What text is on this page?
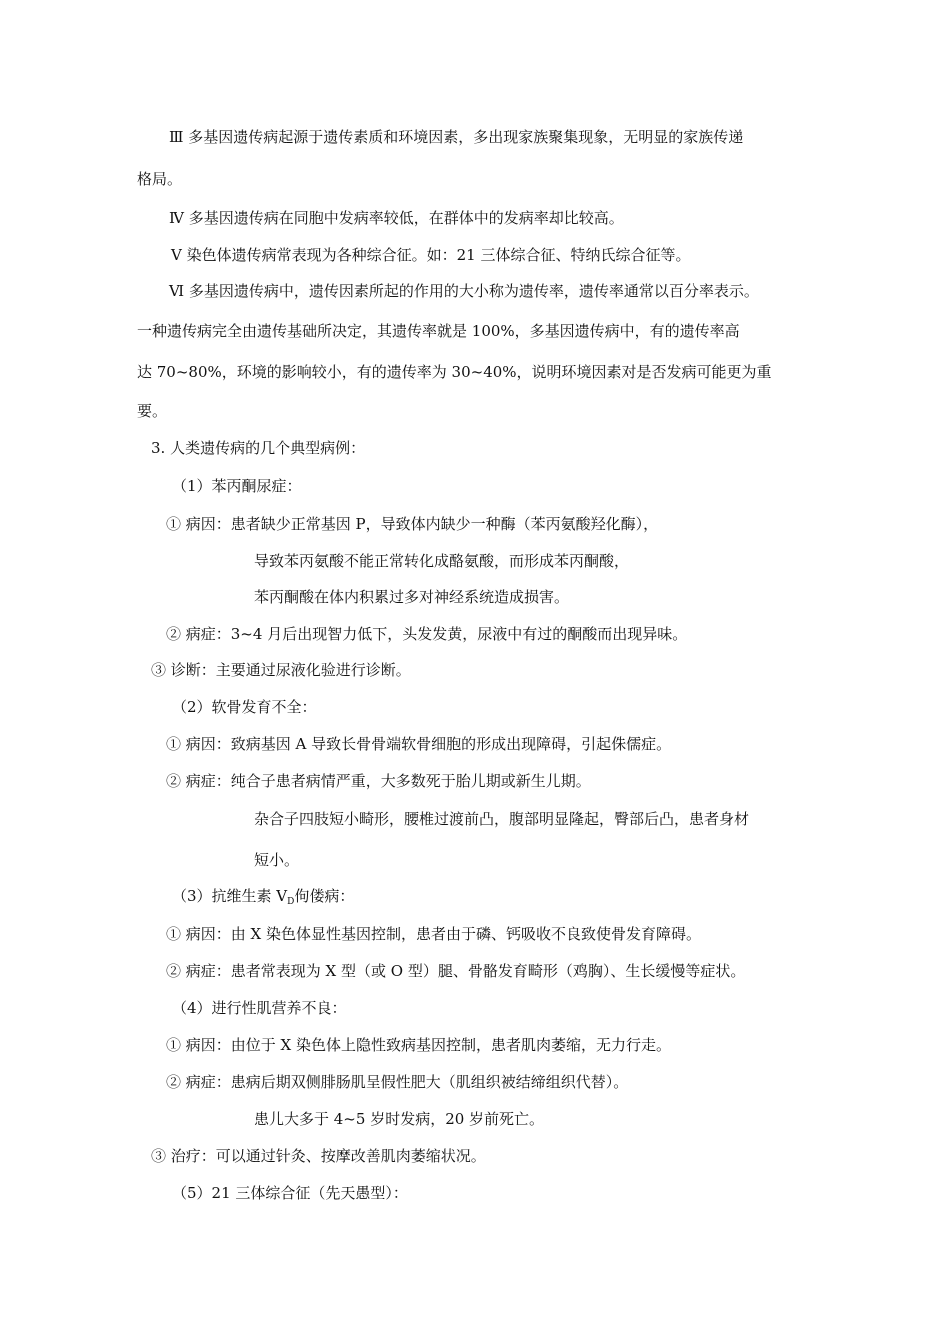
Ⅲ 多基因遗传病起源于遗传素质和环境因素，多出现家族聚集现象，无明显的家族传递
格局。
Ⅳ 多基因遗传病在同胞中发病率较低，在群体中的发病率却比较高。
Ⅴ 染色体遗传病常表现为各种综合征。如：21 三体综合征、特纳氏综合征等。
Ⅵ 多基因遗传病中，遗传因素所起的作用的大小称为遗传率，遗传率通常以百分率表示。
一种遗传病完全由遗传基础所决定，其遗传率就是 100%，多基因遗传病中，有的遗传率高
达 70~80%，环境的影响较小，有的遗传率为 30~40%，说明环境因素对是否发病可能更为重
要。
3. 人类遗传病的几个典型病例：
（1）苯丙酮尿症：
① 病因：患者缺少正常基因 P，导致体内缺少一种酶（苯丙氨酸羟化酶），
导致苯丙氨酸不能正常转化成酪氨酸，而形成苯丙酮酸，
苯丙酮酸在体内积累过多对神经系统造成损害。
② 病症：3~4 月后出现智力低下，头发发黄，尿液中有过的酮酸而出现异味。
③ 诊断：主要通过尿液化验进行诊断。
（2）软骨发育不全：
① 病因：致病基因 A 导致长骨骨端软骨细胞的形成出现障碍，引起侏儒症。
② 病症：纯合子患者病情严重，大多数死于胎儿期或新生儿期。
杂合子四肢短小畸形，腰椎过渡前凸，腹部明显隆起，臀部后凸，患者身材
短小。
（3）抗维生素 $V_D$佝偻病：
① 病因：由 X 染色体显性基因控制，患者由于磷、钙吸收不良致使骨发育障碍。
② 病症：患者常表现为 X 型（或 O 型）腿、骨骼发育畸形（鸡胸）、生长缓慢等症状。
（4）进行性肌营养不良：
① 病因：由位于 X 染色体上隐性致病基因控制，患者肌肉萎缩，无力行走。
② 病症：患病后期双侧腓肠肌呈假性肥大（肌组织被结缔组织代替）。
患儿大多于 4~5 岁时发病，20 岁前死亡。
③ 治疗：可以通过针灸、按摩改善肌肉萎缩状况。
（5）21 三体综合征（先天愚型）：
